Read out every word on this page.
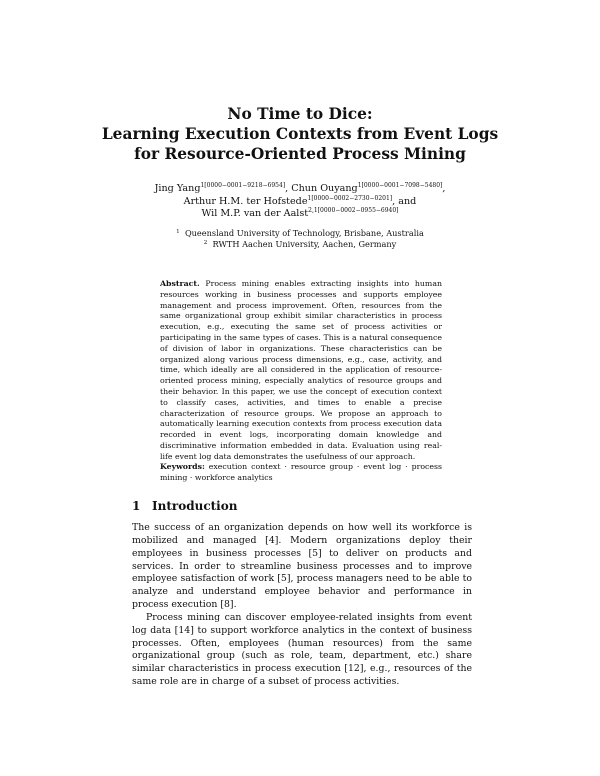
No Time to Dice:
Learning Execution Contexts from Event Logs
for Resource-Oriented Process Mining
Jing Yang$^{1[0000-0001-9218-6954]}$, Chun Ouyang$^{1[0000-0001-7098-5480]}$,
Arthur H.M. ter Hofstede$^{1[0000-0002-2730-0201]}$, and
Wil M.P. van der Aalst$^{2,1[0000-0002-0955-6940]}$
$^1$ Queensland University of Technology, Brisbane, Australia
$^2$ RWTH Aachen University, Aachen, Germany
Abstract. Process mining enables extracting insights into human resources working in business processes and supports employee management and process improvement. Often, resources from the same organizational group exhibit similar characteristics in process execution, e.g., executing the same set of process activities or participating in the same types of cases. This is a natural consequence of division of labor in organizations. These characteristics can be organized along various process dimensions, e.g., case, activity, and time, which ideally are all considered in the application of resource-oriented process mining, especially analytics of resource groups and their behavior. In this paper, we use the concept of execution context to classify cases, activities, and times to enable a precise characterization of resource groups. We propose an approach to automatically learning execution contexts from process execution data recorded in event logs, incorporating domain knowledge and discriminative information embedded in data. Evaluation using real-life event log data demonstrates the usefulness of our approach.
Keywords: execution context · resource group · event log · process mining · workforce analytics
1 Introduction

The success of an organization depends on how well its workforce is mobilized and managed [4]. Modern organizations deploy their employees in business processes [5] to deliver on products and services. In order to streamline business processes and to improve employee satisfaction of work [5], process managers need to be able to analyze and understand employee behavior and performance in process execution [8].

Process mining can discover employee-related insights from event log data [14] to support workforce analytics in the context of business processes. Often, employees (human resources) from the same organizational group (such as role, team, department, etc.) share similar characteristics in process execution [12], e.g., resources of the same role are in charge of a subset of process activities.
